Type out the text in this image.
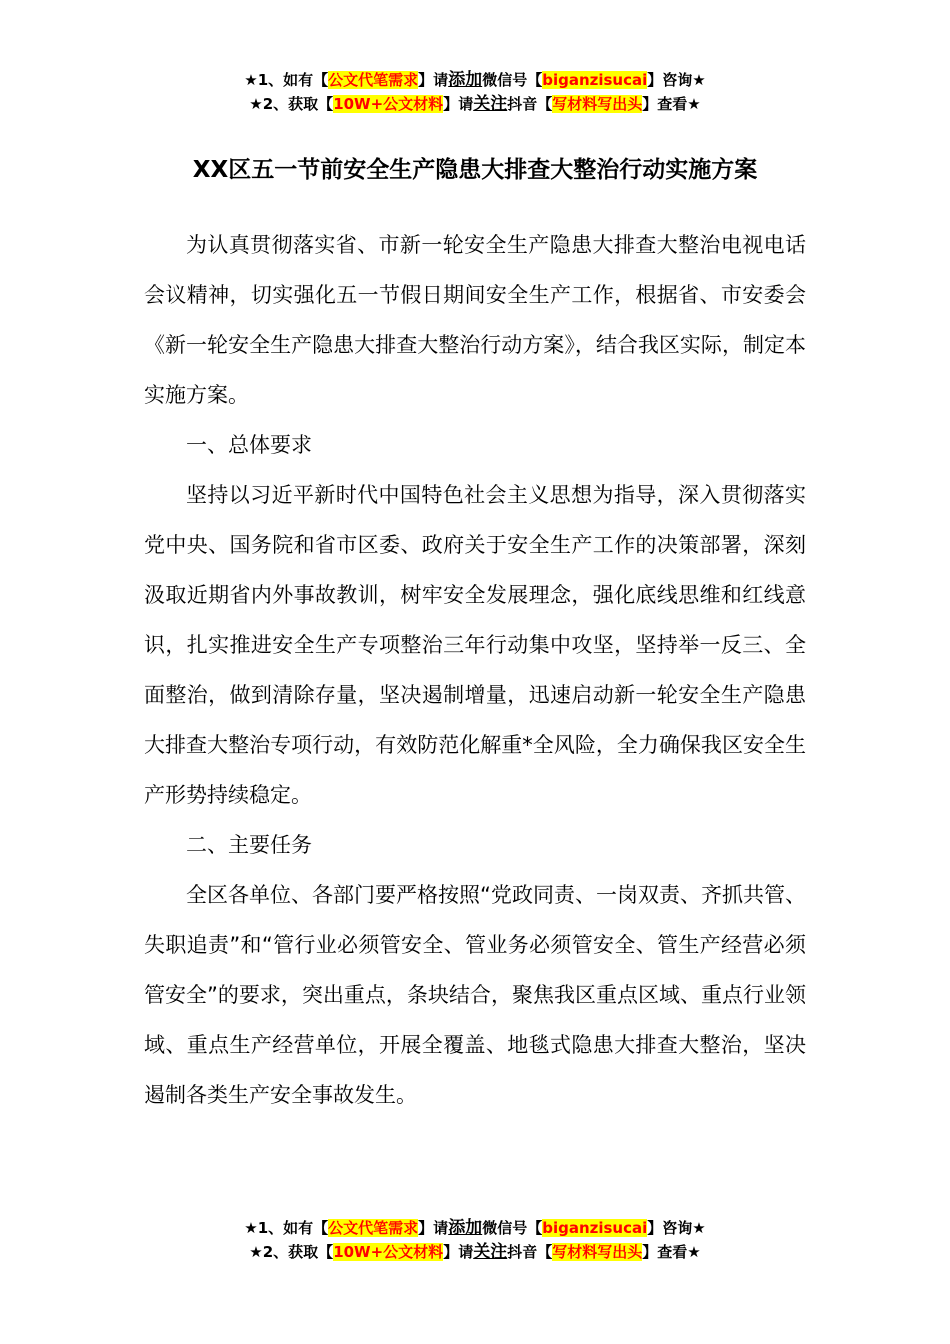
★1、如有【公文代笔需求】请添加微信号【biganzisucai】咨询★
★2、获取【10W+公文材料】请关注抖音【写材料写出头】查看★
XX区五一节前安全生产隐患大排查大整治行动实施方案

为认真贯彻落实省、市新一轮安全生产隐患大排查大整治电视电话会议精神，切实强化五一节假日期间安全生产工作，根据省、市安委会《新一轮安全生产隐患大排查大整治行动方案》，结合我区实际，制定本实施方案。

一、总体要求

坚持以习近平新时代中国特色社会主义思想为指导，深入贯彻落实党中央、国务院和省市区委、政府关于安全生产工作的决策部署，深刻汲取近期省内外事故教训，树牢安全发展理念，强化底线思维和红线意识，扎实推进安全生产专项整治三年行动集中攻坚，坚持举一反三、全面整治，做到清除存量，坚决遏制增量，迅速启动新一轮安全生产隐患大排查大整治专项行动，有效防范化解重*全风险，全力确保我区安全生产形势持续稳定。

二、主要任务

全区各单位、各部门要严格按照“党政同责、一岗双责、齐抓共管、失职追责”和“管行业必须管安全、管业务必须管安全、管生产经营必须管安全”的要求，突出重点，条块结合，聚焦我区重点区域、重点行业领域、重点生产经营单位，开展全覆盖、地毯式隐患大排查大整治，坚决遏制各类生产安全事故发生。

★1、如有【公文代笔需求】请添加微信号【biganzisucai】咨询★
★2、获取【10W+公文材料】请关注抖音【写材料写出头】查看★
